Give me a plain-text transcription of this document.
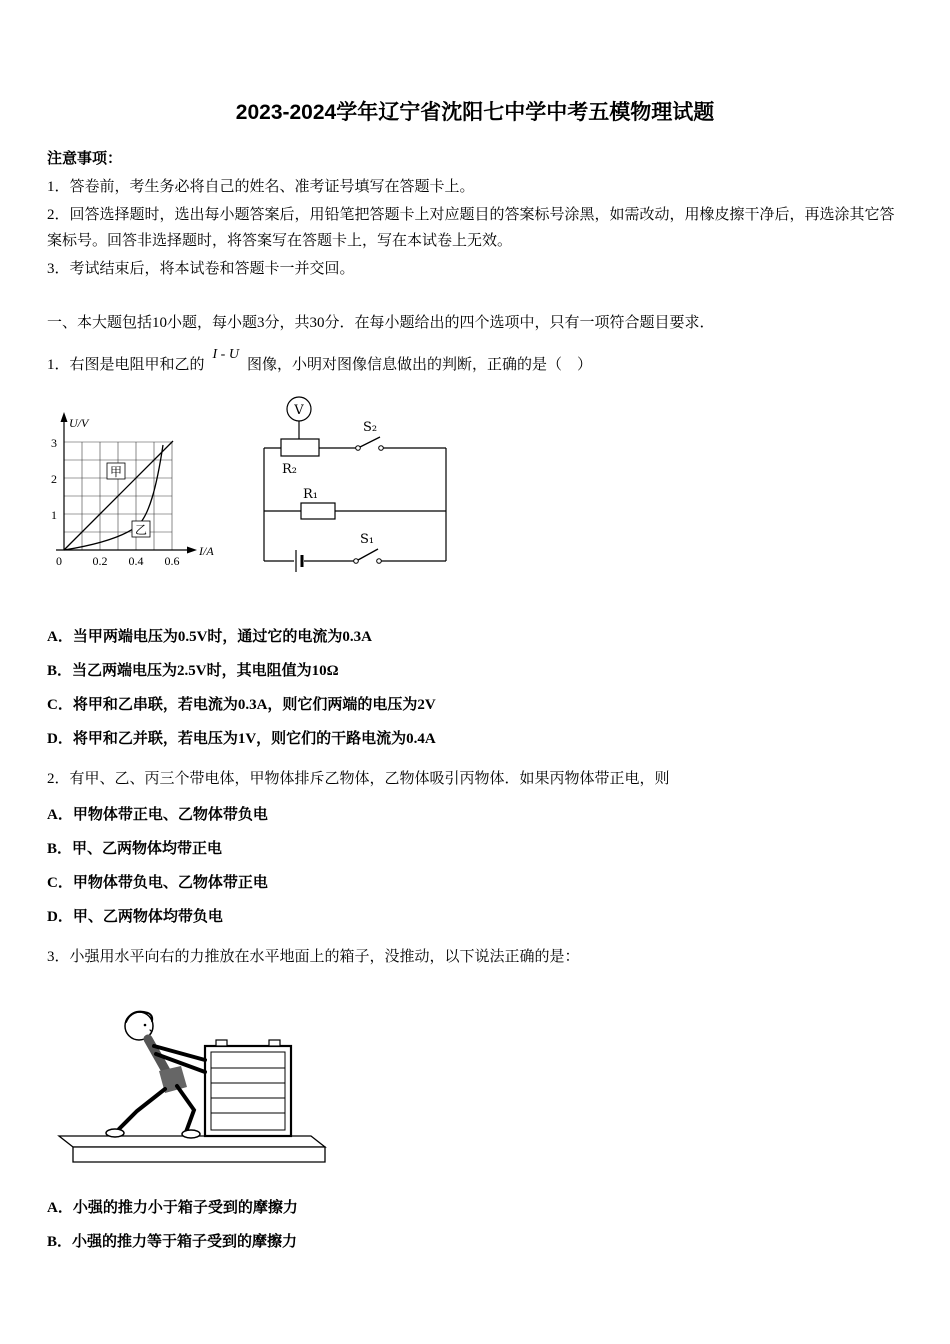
2023-2024学年辽宁省沈阳七中学中考五模物理试题
注意事项：
1．答卷前，考生务必将自己的姓名、准考证号填写在答题卡上。
2．回答选择题时，选出每小题答案后，用铅笔把答题卡上对应题目的答案标号涂黑，如需改动，用橡皮擦干净后，再选涂其它答案标号。回答非选择题时，将答案写在答题卡上，写在本试卷上无效。
3．考试结束后，将本试卷和答题卡一并交回。
一、本大题包括10小题，每小题3分，共30分．在每小题给出的四个选项中，只有一项符合题目要求．
1．右图是电阻甲和乙的I - U图像，小明对图像信息做出的判断，正确的是（　）
U/V
I/A
3
2
1
0	0.2 0.4 0.6
甲
乙
V
R₂
R₁
S₂
S₁
A．当甲两端电压为0.5V时，通过它的电流为0.3A
B．当乙两端电压为2.5V时，其电阻值为10Ω
C．将甲和乙串联，若电流为0.3A，则它们两端的电压为2V
D．将甲和乙并联，若电压为1V，则它们的干路电流为0.4A
2．有甲、乙、丙三个带电体，甲物体排斥乙物体，乙物体吸引丙物体．如果丙物体带正电，则
A．甲物体带正电、乙物体带负电
B．甲、乙两物体均带正电
C．甲物体带负电、乙物体带正电
D．甲、乙两物体均带负电
3．小强用水平向右的力推放在水平地面上的箱子，没推动，以下说法正确的是：
A．小强的推力小于箱子受到的摩擦力
B．小强的推力等于箱子受到的摩擦力
